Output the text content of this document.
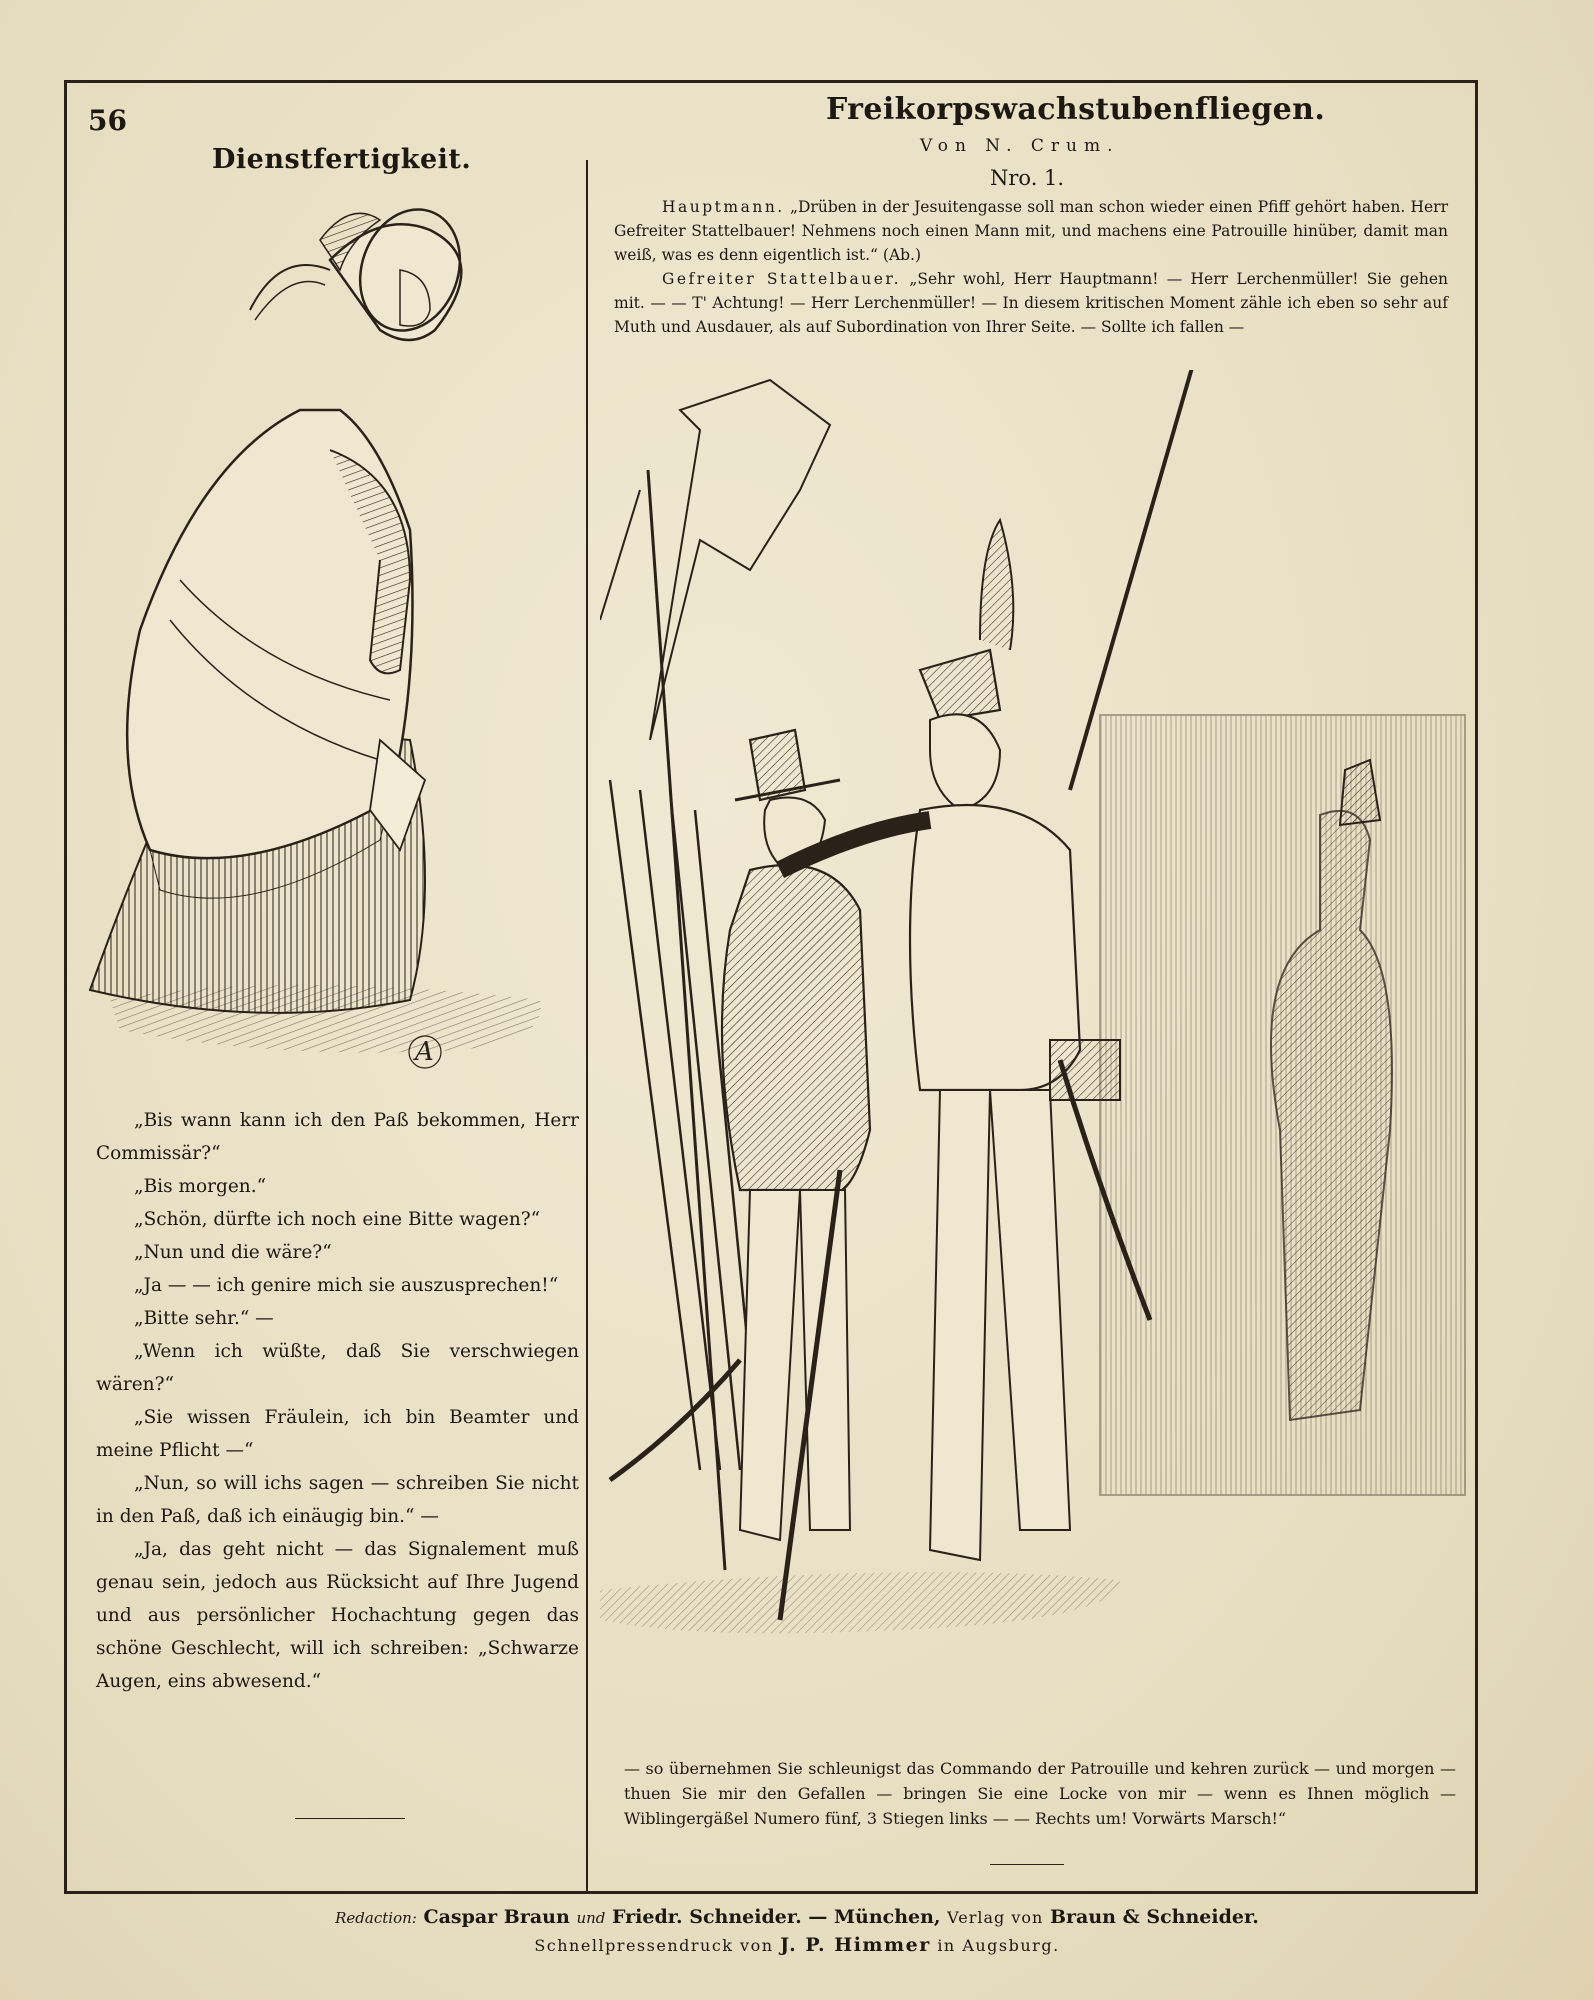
56
Dienstfertigkeit.
Freikorpswachstubenfliegen.
Von N. Crum.
Nro. 1.

Hauptmann. „Drüben in der Jesuitengasse soll man schon wieder einen Pfiff gehört haben. Herr Gefreiter Stattelbauer! Nehmens noch einen Mann mit, und machens eine Patrouille hinüber, damit man weiß, was es denn eigentlich ist.“ (Ab.)

Gefreiter Stattelbauer. „Sehr wohl, Herr Hauptmann! — Herr Lerchenmüller! Sie gehen mit. — — T' Achtung! — Herr Lerchenmüller! — In diesem kritischen Moment zähle ich eben so sehr auf Muth und Ausdauer, als auf Subordination von Ihrer Seite. — Sollte ich fallen —

A

„Bis wann kann ich den Paß bekommen, Herr Commissär?“

„Bis morgen.“

„Schön, dürfte ich noch eine Bitte wagen?“

„Nun und die wäre?“

„Ja — — ich genire mich sie auszusprechen!“

„Bitte sehr.“ —

„Wenn ich wüßte, daß Sie verschwiegen wären?“

„Sie wissen Fräulein, ich bin Beamter und meine Pflicht —“

„Nun, so will ichs sagen — schreiben Sie nicht in den Paß, daß ich einäugig bin.“ —

„Ja, das geht nicht — das Signalement muß genau sein, jedoch aus Rücksicht auf Ihre Jugend und aus persönlicher Hochachtung gegen das schöne Geschlecht, will ich schreiben: „Schwarze Augen, eins abwesend.“

— so übernehmen Sie schleunigst das Commando der Patrouille und kehren zurück — und morgen — thuen Sie mir den Gefallen — bringen Sie eine Locke von mir — wenn es Ihnen möglich — Wiblingergäßel Numero fünf, 3 Stiegen links — — Rechts um! Vorwärts Marsch!“

Redaction: Caspar Braun und Friedr. Schneider. — München, Verlag von Braun & Schneider.
Schnellpressendruck von J. P. Himmer in Augsburg.
